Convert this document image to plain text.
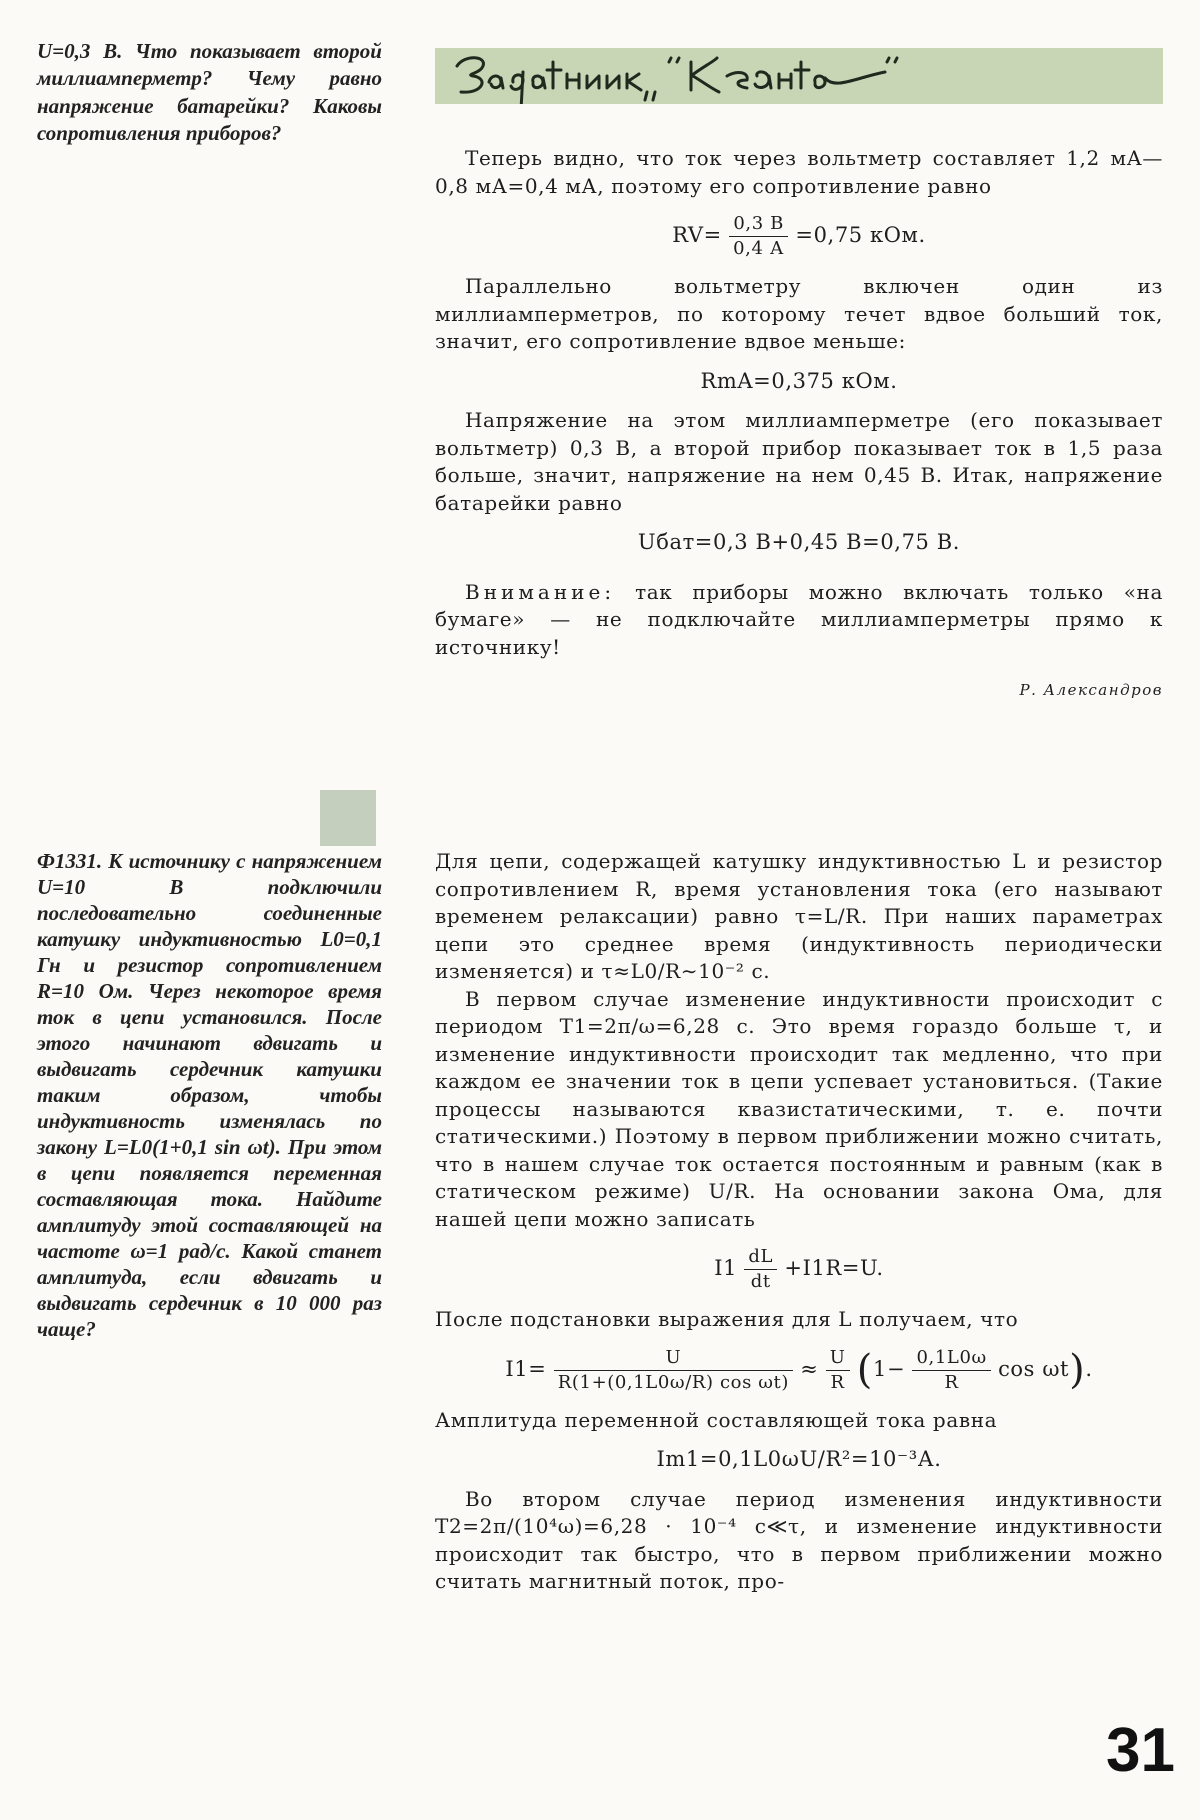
U=0,3 В. Что показывает второй миллиамперметр? Чему равно напряжение батарейки? Каковы сопротивления приборов?

Теперь видно, что ток через вольтметр составляет 1,2 мА—0,8 мА=0,4 мА, поэтому его сопротивление равно

$RV= \frac{0,3 В}{0,4 А} =0,75$ кОм.

Параллельно вольтметру включен один из миллиамперметров, по которому течет вдвое больший ток, значит, его сопротивление вдвое меньше:

RmA=0,375 кОм.

Напряжение на этом миллиамперметре (его показывает вольтметр) 0,3 В, а второй прибор показывает ток в 1,5 раза больше, значит, напряжение на нем 0,45 В. Итак, напряжение батарейки равно

Uбат=0,3 В+0,45 В=0,75 В.

Внимание: так приборы можно включать только «на бумаге» — не подключайте миллиамперметры прямо к источнику!

Р. Александров

Ф1331. К источнику с напряжением U=10 В подключили последовательно соединенные катушку индуктивностью L0=0,1 Гн и резистор сопротивлением R=10 Ом. Через некоторое время ток в цепи установился. После этого начинают вдвигать и выдвигать сердечник катушки таким образом, чтобы индуктивность изменялась по закону L=L0(1+0,1 sin ωt). При этом в цепи появляется переменная составляющая тока. Найдите амплитуду этой составляющей на частоте ω=1 рад/с. Какой станет амплитуда, если вдвигать и выдвигать сердечник в 10 000 раз чаще?

Для цепи, содержащей катушку индуктивностью L и резистор сопротивлением R, время установления тока (его называют временем релаксации) равно τ=L/R. При наших параметрах цепи это среднее время (индуктивность периодически изменяется) и τ≈L0/R∼10⁻² с.

В первом случае изменение индуктивности происходит с периодом T1=2π/ω=6,28 с. Это время гораздо больше τ, и изменение индуктивности происходит так медленно, что при каждом ее значении ток в цепи успевает установиться. (Такие процессы называются квазистатическими, т. е. почти статическими.) Поэтому в первом приближении можно считать, что в нашем случае ток остается постоянным и равным (как в статическом режиме) U/R. На основании закона Ома, для нашей цепи можно записать

$I1 \frac{dL}{dt} +I1R=U$.

После подстановки выражения для L получаем, что

$I1= \frac{U}{\text{R(1+(0,1L0ω/R) cos ωt)}} \approx \frac{U}{R} (1- \frac{0,1L0\omega}{R}$ cos ωt).

Амплитуда переменной составляющей тока равна

Im1=0,1L0ωU/R²=10⁻³А.

Во втором случае период изменения индуктивности T2=2π/(10⁴ω)=6,28 · 10⁻⁴ с≪τ, и изменение индуктивности происходит так быстро, что в первом приближении можно считать магнитный поток, про-

31
